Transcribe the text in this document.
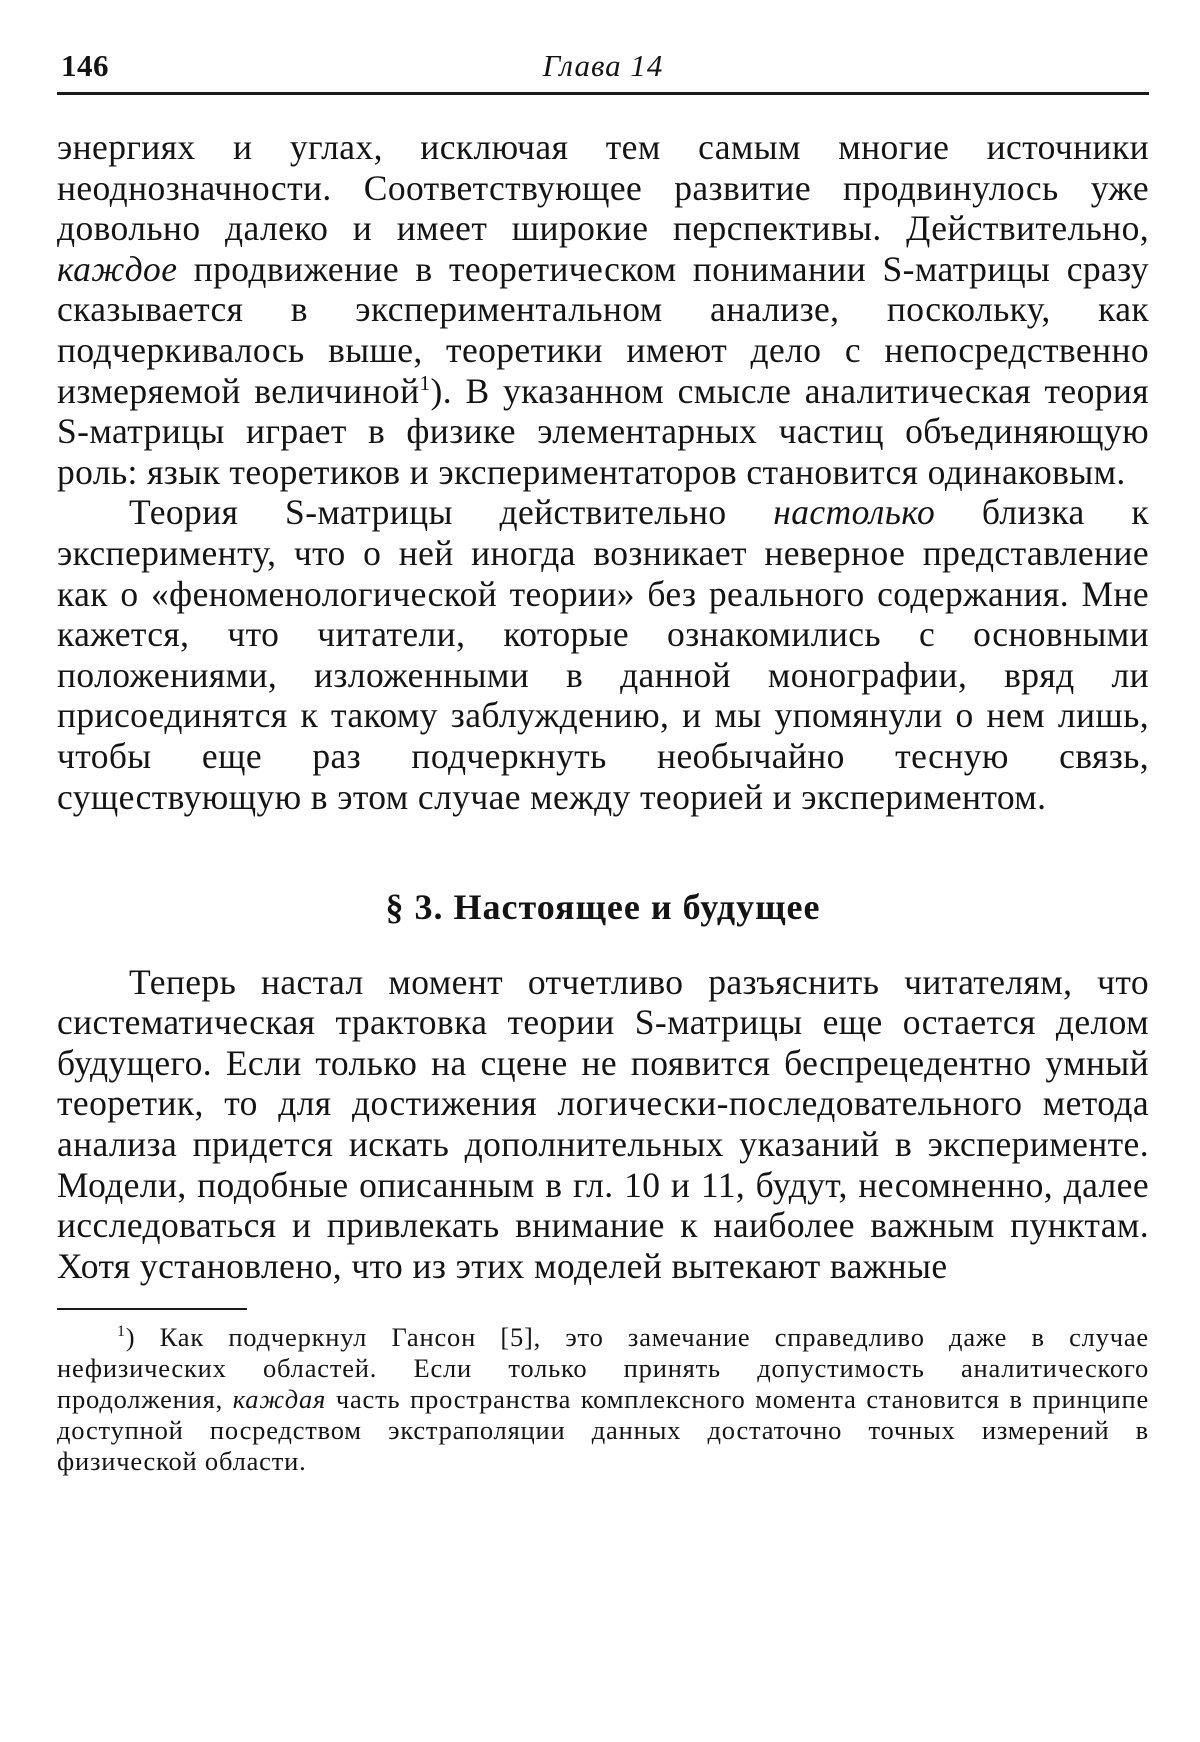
146	Глава 14

энергиях и углах, исключая тем самым многие источники неоднозначности. Соответствующее развитие продвинулось уже довольно далеко и имеет широкие перспективы. Действительно, каждое продвижение в теоретическом понимании S-матрицы сразу сказывается в экспериментальном анализе, поскольку, как подчеркивалось выше, теоретики имеют дело с непосредственно измеряемой величиной$^1$). В указанном смысле аналитическая теория S-матрицы играет в физике элементарных частиц объединяющую роль: язык теоретиков и экспериментаторов становится одинаковым.

Теория S-матрицы действительно настолько близка к эксперименту, что о ней иногда возникает неверное представление как о «феноменологической теории» без реального содержания. Мне кажется, что читатели, которые ознакомились с основными положениями, изложенными в данной монографии, вряд ли присоединятся к такому заблуждению, и мы упомянули о нем лишь, чтобы еще раз подчеркнуть необычайно тесную связь, существующую в этом случае между теорией и экспериментом.

§ 3. Настоящее и будущее

Теперь настал момент отчетливо разъяснить читателям, что систематическая трактовка теории S-матрицы еще остается делом будущего. Если только на сцене не появится беспрецедентно умный теоретик, то для достижения логически-последовательного метода анализа придется искать дополнительных указаний в эксперименте. Модели, подобные описанным в гл. 10 и 11, будут, несомненно, далее исследоваться и привлекать внимание к наиболее важным пунктам. Хотя установлено, что из этих моделей вытекают важные

$^1$) Как подчеркнул Гансон [5], это замечание справедливо даже в случае нефизических областей. Если только принять допустимость аналитического продолжения, каждая часть пространства комплексного момента становится в принципе доступной посредством экстраполяции данных достаточно точных измерений в физической области.
